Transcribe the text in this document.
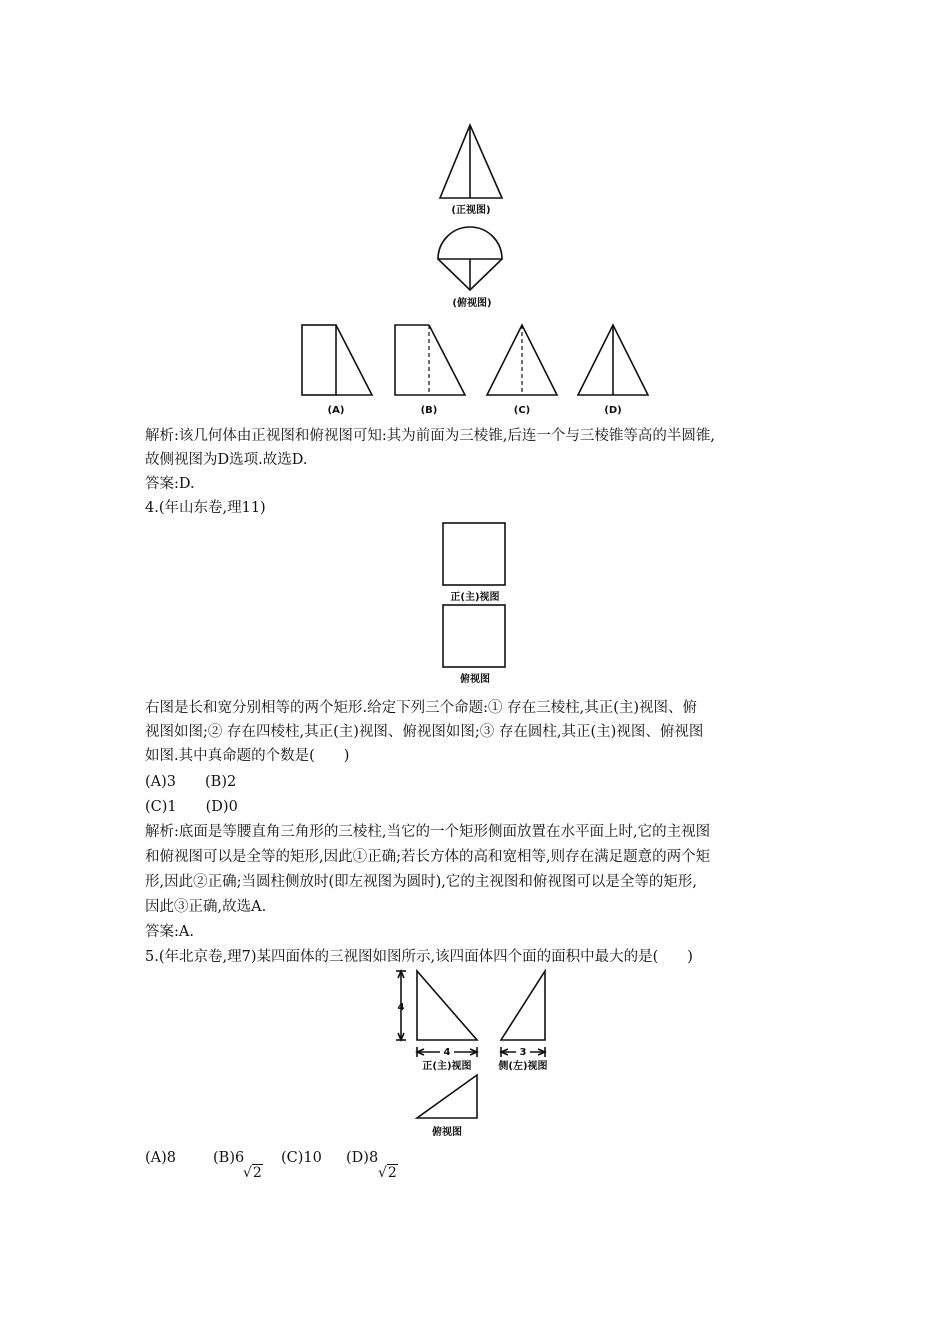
(正视图)
(俯视图)
(A)	(B)	(C)	(D)

解析:该几何体由正视图和俯视图可知:其为前面为三棱锥,后连一个与三棱锥等高的半圆锥,

故侧视图为D选项.故选D.

答案:D.

4.(年山东卷,理11)

正(主)视图
俯视图

右图是长和宽分别相等的两个矩形.给定下列三个命题:① 存在三棱柱,其正(主)视图、俯

视图如图;② 存在四棱柱,其正(主)视图、俯视图如图;③ 存在圆柱,其正(主)视图、俯视图

如图.其中真命题的个数是(　　)

(A)3　　(B)2

(C)1　　(D)0

解析:底面是等腰直角三角形的三棱柱,当它的一个矩形侧面放置在水平面上时,它的主视图

和俯视图可以是全等的矩形,因此①正确;若长方体的高和宽相等,则存在满足题意的两个矩

形,因此②正确;当圆柱侧放时(即左视图为圆时),它的主视图和俯视图可以是全等的矩形,

因此③正确,故选A.

答案:A.

5.(年北京卷,理7)某四面体的三视图如图所示,该四面体四个面的面积中最大的是(　　)

4
4
正(主)视图
3
侧(左)视图
俯视图
(A)8	(B)6
√2
(C)10 (D)8
√2
